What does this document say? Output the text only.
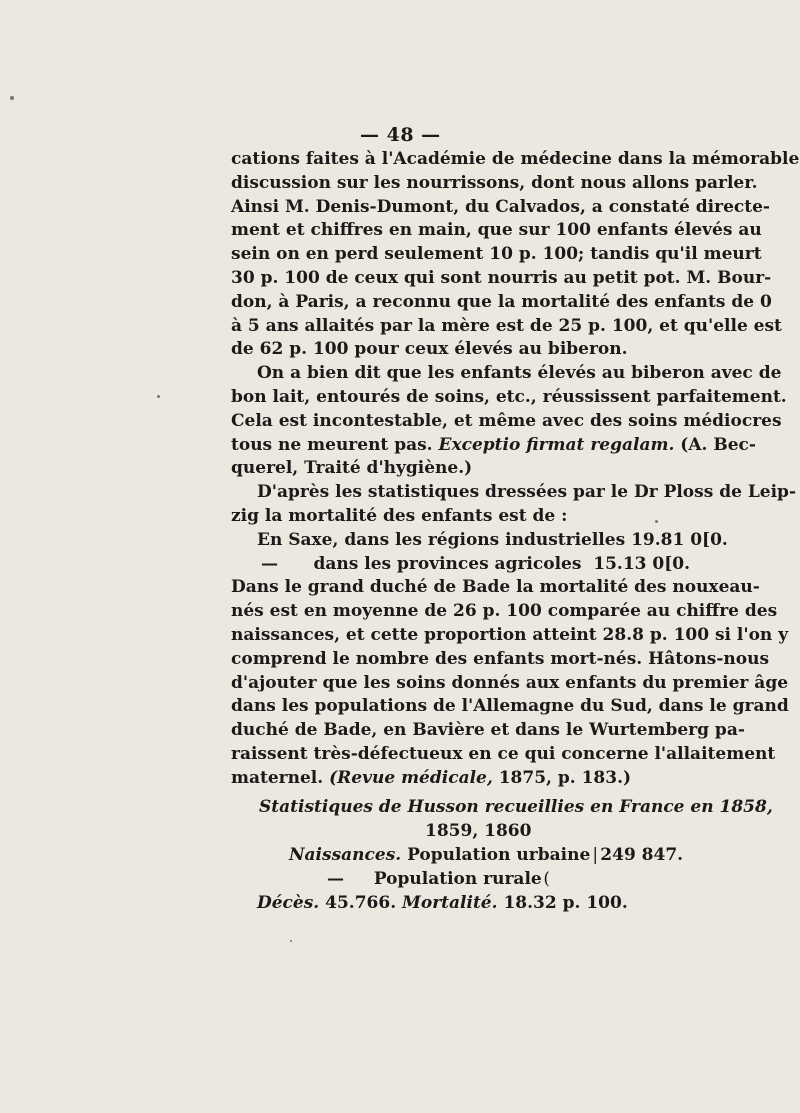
— 48 —
cations faites à l'Académie de médecine dans la mémorable
discussion sur les nourrissons, dont nous allons parler.
Ainsi M. Denis-Dumont, du Calvados, a constaté directe-
ment et chiffres en main, que sur 100 enfants élevés au
sein on en perd seulement 10 p. 100; tandis qu'il meurt
30 p. 100 de ceux qui sont nourris au petit pot. M. Bour-
don, à Paris, a reconnu que la mortalité des enfants de 0
à 5 ans allaités par la mère est de 25 p. 100, et qu'elle est
de 62 p. 100 pour ceux élevés au biberon.
On a bien dit que les enfants élevés au biberon avec de
bon lait, entourés de soins, etc., réussissent parfaitement.
Cela est incontestable, et même avec des soins médiocres
tous ne meurent pas. Exceptio firmat regalam. (A. Bec-
querel, Traité d'hygiène.)
D'après les statistiques dressées par le Dr Ploss de Leip-
zig la mortalité des enfants est de :
En Saxe, dans les régions industrielles 19.81 0[0.
—      dans les provinces agricoles  15.13 0[0.
Dans le grand duché de Bade la mortalité des nouxeau-
nés est en moyenne de 26 p. 100 comparée au chiffre des
naissances, et cette proportion atteint 28.8 p. 100 si l'on y
comprend le nombre des enfants mort-nés. Hâtons-nous
d'ajouter que les soins donnés aux enfants du premier âge
dans les populations de l'Allemagne du Sud, dans le grand
duché de Bade, en Bavière et dans le Wurtemberg pa-
raissent très-défectueux en ce qui concerne l'allaitement
maternel. (Revue médicale, 1875, p. 183.)
Statistiques de Husson recueillies en France en 1858,
1859, 1860
Naissances. Population urbaine | 249 847.
— Population rurale(
Décès. 45.766. Mortalité. 18.32 p. 100.
